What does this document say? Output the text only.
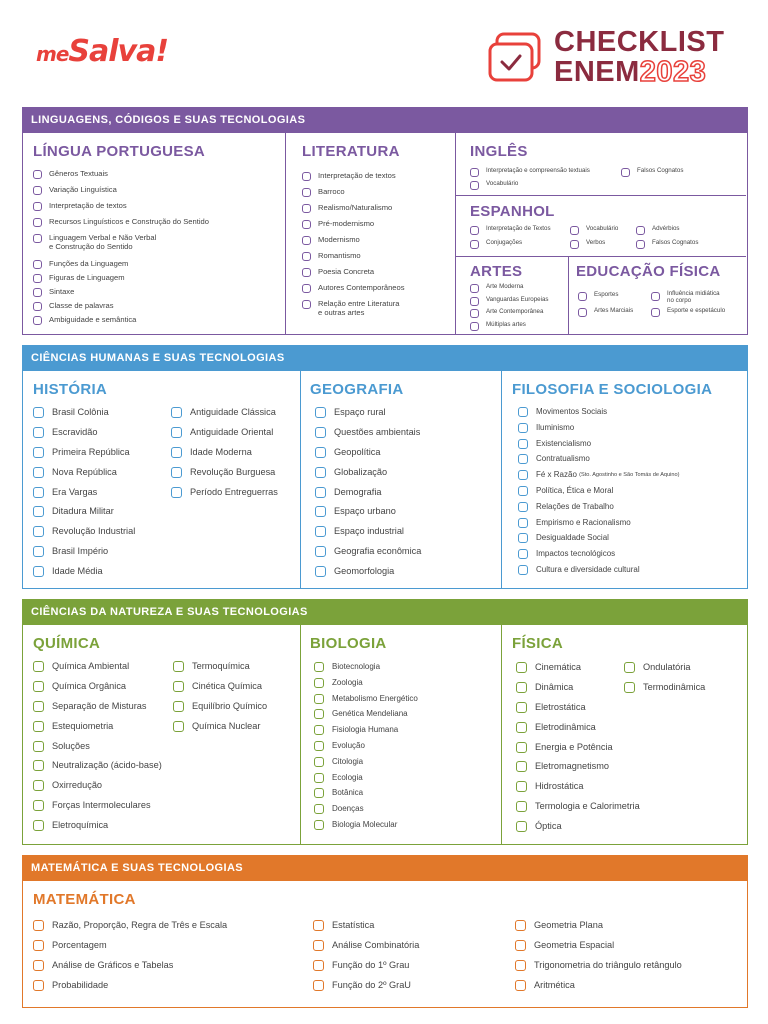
meSalva!	CHECKLIST
ENEM2023
LINGUAGENS, CÓDIGOS E SUAS TECNOLOGIAS
LÍNGUA PORTUGUESA
Gêneros Textuais
Variação Linguística
Interpretação de textos
Recursos Linguísticos e Construção do Sentido
Linguagem Verbal e Não Verbal
e Construção do Sentido
Funções da Linguagem
Figuras de Linguagem
Sintaxe
Classe de palavras
Ambiguidade e semântica
LITERATURA
Interpretação de textos
Barroco
Realismo/Naturalismo
Pré-modernismo
Modernismo
Romantismo
Poesia Concreta
Autores Contemporâneos
Relação entre Literatura
e outras artes
INGLÊS
Interpretação e compreensão textuais
Vocabulário
Falsos Cognatos
ESPANHOL
Interpretação de Textos
Conjugações
Vocabulário
Verbos
Advérbios
Falsos Cognatos
ARTES
Arte Moderna
Vanguardas Europeias
Arte Contemporânea
Múltiplas artes
EDUCAÇÃO FÍSICA
Esportes
Artes Marciais
Influência midiática
no corpo
Esporte e espetáculo
CIÊNCIAS HUMANAS E SUAS TECNOLOGIAS
HISTÓRIA
Brasil Colônia
Escravidão
Primeira República
Nova República
Era Vargas
Ditadura Militar
Revolução Industrial
Brasil Império
Idade Média
Antiguidade Clássica
Antiguidade Oriental
Idade Moderna
Revolução Burguesa
Período Entreguerras
GEOGRAFIA
Espaço rural
Questões ambientais
Geopolítica
Globalização
Demografia
Espaço urbano
Espaço industrial
Geografia econômica
Geomorfologia
FILOSOFIA E SOCIOLOGIA
Movimentos Sociais
Iluminismo
Existencialismo
Contratualismo
Fé x Razão
(Sto. Agostinho e São Tomás de Aquino)
Política, Ética e Moral
Relações de Trabalho
Empirismo e Racionalismo
Desigualdade Social
Impactos tecnológicos
Cultura e diversidade cultural
CIÊNCIAS DA NATUREZA E SUAS TECNOLOGIAS
QUÍMICA
Química Ambiental
Química Orgânica
Separação de Misturas
Estequiometria
Soluções
Neutralização (ácido-base)
Oxirredução
Forças Intermoleculares
Eletroquímica
Termoquímica
Cinética Química
Equilíbrio Químico
Química Nuclear
BIOLOGIA
Biotecnologia
Zoologia
Metabolismo Energético
Genética Mendeliana
Fisiologia Humana
Evolução
Citologia
Ecologia
Botânica
Doenças
Biologia Molecular
FÍSICA
Cinemática
Dinâmica
Eletrostática
Eletrodinâmica
Energia e Potência
Eletromagnetismo
Hidrostática
Termologia e Calorimetria
Óptica
Ondulatória
Termodinâmica
MATEMÁTICA E SUAS TECNOLOGIAS
MATEMÁTICA
Razão, Proporção, Regra de Três e Escala
Porcentagem
Análise de Gráficos e Tabelas
Probabilidade
Estatística
Análise Combinatória
Função do 1º Grau
Função do 2º GraU
Geometria Plana
Geometria Espacial
Trigonometria do triângulo retângulo
Aritmética
